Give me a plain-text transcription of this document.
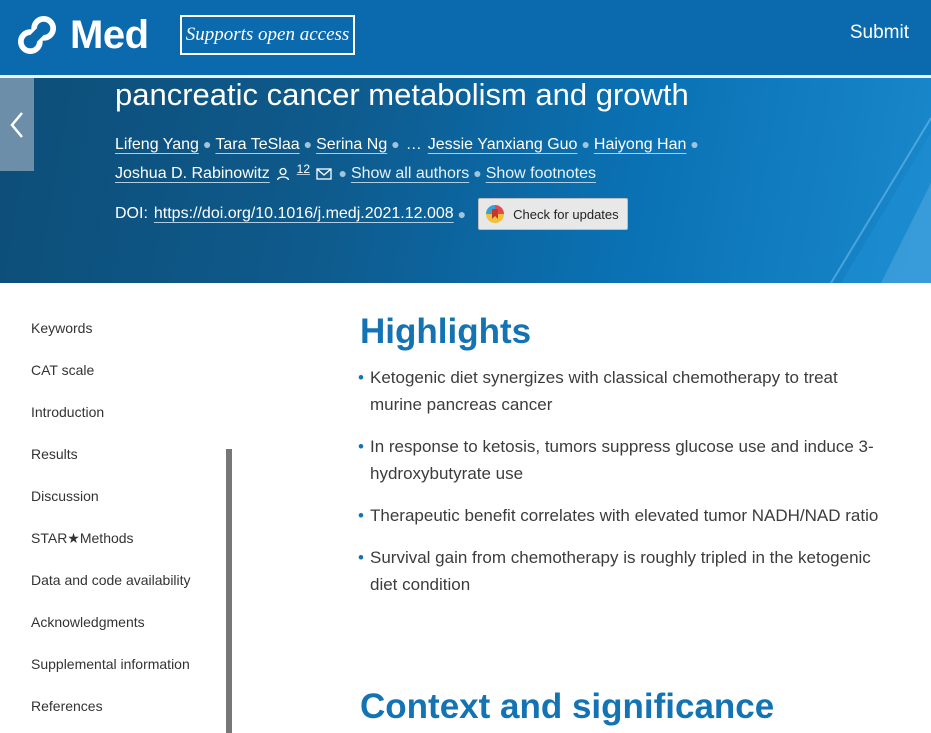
Med	Supports open access	Submit
pancreatic cancer metabolism and growth
Lifeng Yang ● Tara TeSlaa ● Serina Ng ● … Jessie Yanxiang Guo ● Haiyong Han ●
Joshua D. Rabinowitz $^{12}$ ● Show all authors ● Show footnotes
DOI: https://doi.org/10.1016/j.medj.2021.12.008 ●	Check for updates
Keywords
CAT scale
Introduction
Results
Discussion
STAR★Methods
Data and code availability
Acknowledgments
Supplemental information
References
Highlights
• Ketogenic diet synergizes with classical chemotherapy to treat murine pancreas cancer
• In response to ketosis, tumors suppress glucose use and induce 3-hydroxybutyrate use
• Therapeutic benefit correlates with elevated tumor NADH/NAD ratio
• Survival gain from chemotherapy is roughly tripled in the ketogenic diet condition
Context and significance
